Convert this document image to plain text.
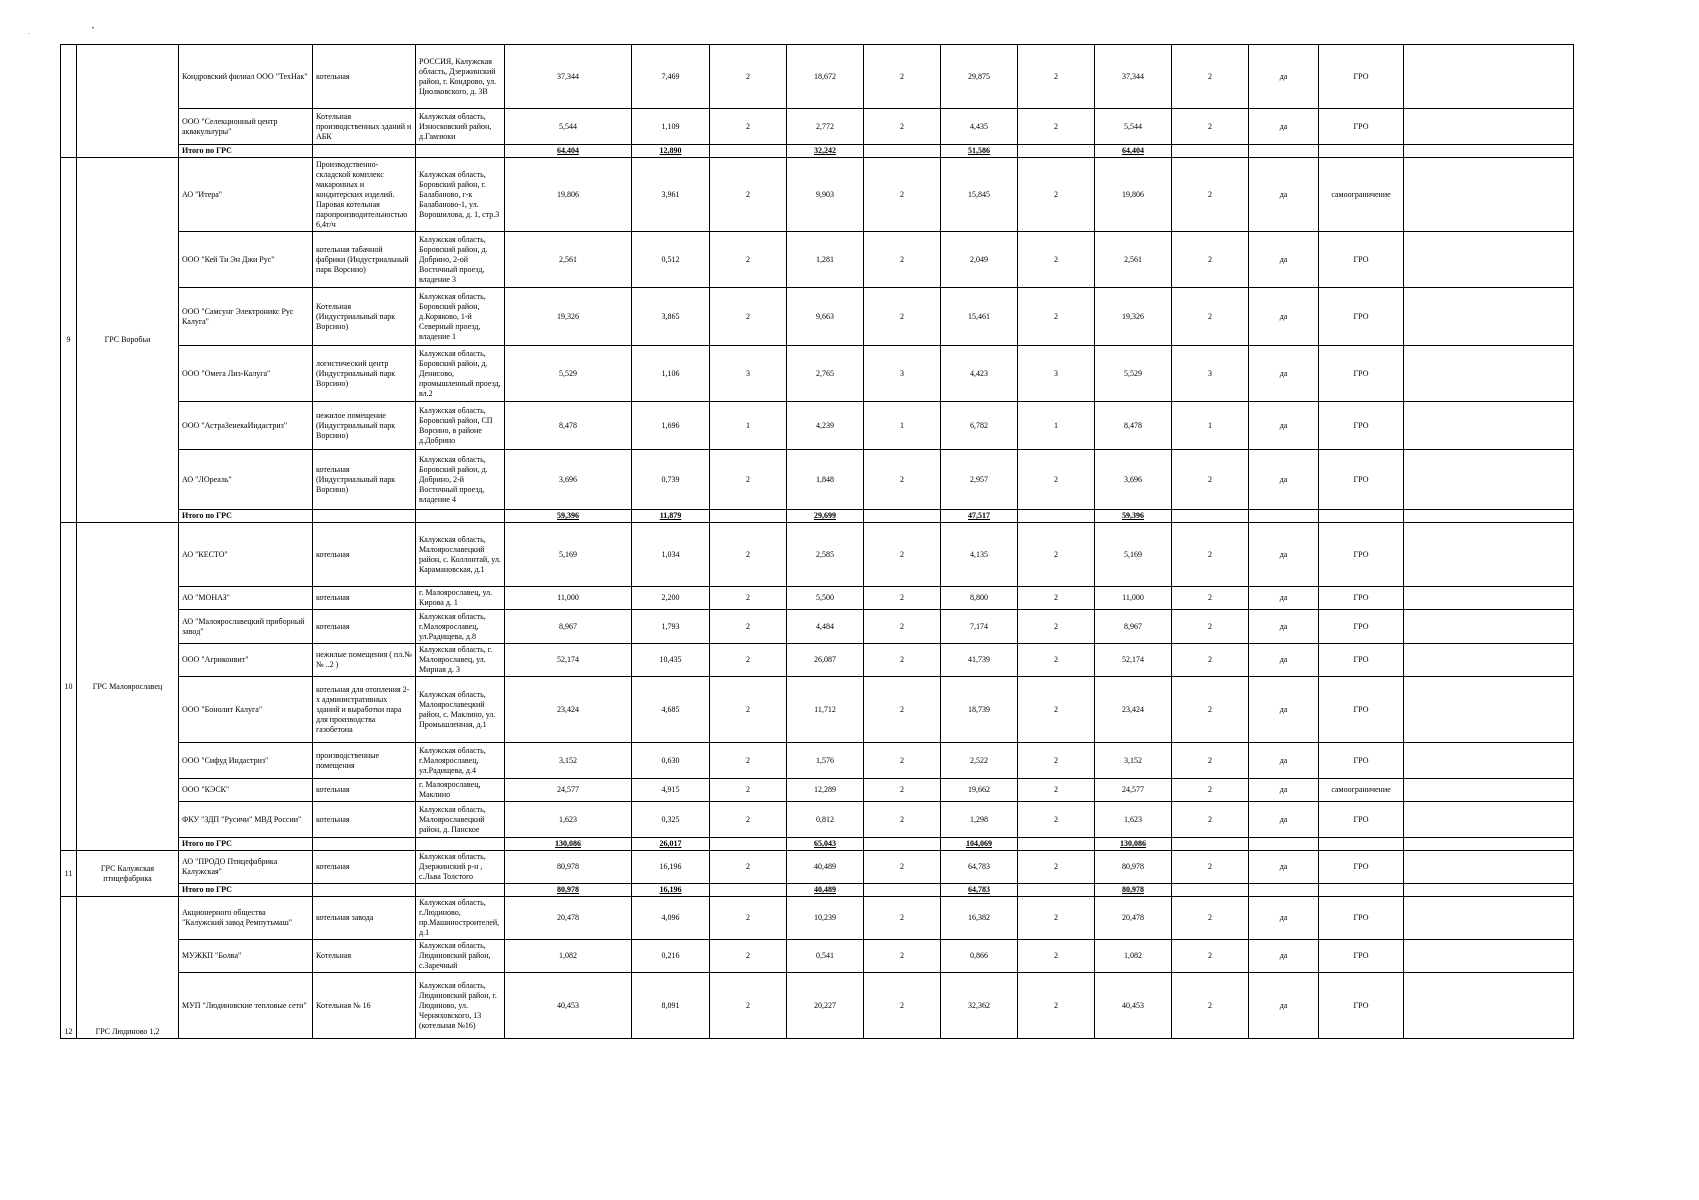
.
•
		Кондровский филиал ООО "ТехНак"	котельная	РОССИЯ, Калужская область, Дзержинский район, г. Кондрово, ул. Циолковского, д. 3В	37,344	7,469	2	18,672	2	29,875	2	37,344	2	да	ГРО	
		ООО "Селекционный центр аквакультуры"	Котельная производственных зданий и АБК	Калужская область, Износковский район, д.Гамзюки	5,544	1,109	2	2,772	2	4,435	2	5,544	2	да	ГРО	
		Итого по ГРС			64,404	12,890		32,242		51,586		64,404				
9	ГРС Воробьи	АО "Итера"	Производственно-складской комплекс макаронных и кондитерских изделий. Паровая котельная паропроизводительностью 6,4т/ч	Калужская область, Боровский район, г. Балабаново, г-к Балабаново-1, ул. Ворошилова, д. 1, стр.3	19,806	3,961	2	9,903	2	15,845	2	19,806	2	да	самоограничение	
		ООО "Кей Ти Эн Джи Рус"	котельная табачной фабрики (Индустриальный парк Ворсино)	Калужская область, Боровский район, д. Добрино, 2-ой Восточный проезд, владение 3	2,561	0,512	2	1,281	2	2,049	2	2,561	2	да	ГРО	
		ООО "Самсунг Электроникс Рус Калуга"	Котельная (Индустриальный парк Ворсино)	Калужская область, Боровский район, д.Коряково, 1-й Северный проезд, владение 1	19,326	3,865	2	9,663	2	15,461	2	19,326	2	да	ГРО	
		ООО "Омега Лиз-Калуга"	логистический центр (Индустриальный парк Ворсино)	Калужская область, Боровский район, д. Денисово, промышленный проезд, вл.2	5,529	1,106	3	2,765	3	4,423	3	5,529	3	да	ГРО	
		ООО "АстраЗенекаИндастриз"	нежилое помещение (Индустриальный парк Ворсино)	Калужская область, Боровский район, СП Ворсино, в районе д.Добрино	8,478	1,696	1	4,239	1	6,782	1	8,478	1	да	ГРО	
		АО "ЛОреаль"	котельная (Индустриальный парк Ворсино)	Калужская область, Боровский район, д. Добрино, 2-й Восточный проезд, владение 4	3,696	0,739	2	1,848	2	2,957	2	3,696	2	да	ГРО	
		Итого по ГРС			59,396	11,879		29,699		47,517		59,396				
10	ГРС Малоярославец	АО "КЕСТО"	котельная	Калужская область, Малоярославецкий район, с. Коллонтай, ул. Карамановская, д.1	5,169	1,034	2	2,585	2	4,135	2	5,169	2	да	ГРО	
		АО "МОНАЗ"	котельная	г. Малоярославец, ул. Кирова д. 1	11,000	2,200	2	5,500	2	8,800	2	11,000	2	да	ГРО	
		АО "Малоярославецкий приборный завод"	котельная	Калужская область, г.Малоярославец, ул.Радищева, д.8	8,967	1,793	2	4,484	2	7,174	2	8,967	2	да	ГРО	
		ООО "Агриконвит"	нежилые помещения ( пл.№№ ..2 )	Калужская область, г. Малоярославец, ул. Мирная д. 3	52,174	10,435	2	26,087	2	41,739	2	52,174	2	да	ГРО	
		ООО "Бонолит Калуга"	котельная для отопления 2-х административных зданий и выработки пара для производства газобетона	Калужская область, Малоярославецкий район, с. Маклино, ул. Промышленная, д.1	23,424	4,685	2	11,712	2	18,739	2	23,424	2	да	ГРО	
		ООО "Сифуд Индастриз"	производственные помещения	Калужская область, г.Малоярославец, ул.Радищева, д.4	3,152	0,630	2	1,576	2	2,522	2	3,152	2	да	ГРО	
		ООО "КЭСК"	котельная	г. Малоярославец, Маклино	24,577	4,915	2	12,289	2	19,662	2	24,577	2	да	самоограничение	
		ФКУ "ЗДП "Русичи" МВД России"	котельная	Калужская область, Малоярославецкий район, д. Панское	1,623	0,325	2	0,812	2	1,298	2	1,623	2	да	ГРО	
		Итого по ГРС			130,086	26,017		65,043		104,069		130,086				
11	ГРС Калужская птицефабрика	АО "ПРОДО Птицефабрика Калужская"	котельная	Калужская область, Дзержинский р-н , с.Льва Толстого	80,978	16,196	2	40,489	2	64,783	2	80,978	2	да	ГРО	
		Итого по ГРС			80,978	16,196		40,489		64,783		80,978				
12	ГРС Людиново 1,2	Акционерного общества "Калужский завод Ремпутьмаш"	котельная завода	Калужская область, г.Людиново, пр.Машиностроителей, д.1	20,478	4,096	2	10,239	2	16,382	2	20,478	2	да	ГРО	
		МУЖКП "Болва"	Котельная	Калужская область, Людиновский район, с.Заречный	1,082	0,216	2	0,541	2	0,866	2	1,082	2	да	ГРО	
		МУП "Людиновские тепловые сети"	Котельная № 16	Калужская область, Людиновский район, г. Людиново, ул. Черняховского, 13 (котельная №16)	40,453	8,091	2	20,227	2	32,362	2	40,453	2	да	ГРО	
